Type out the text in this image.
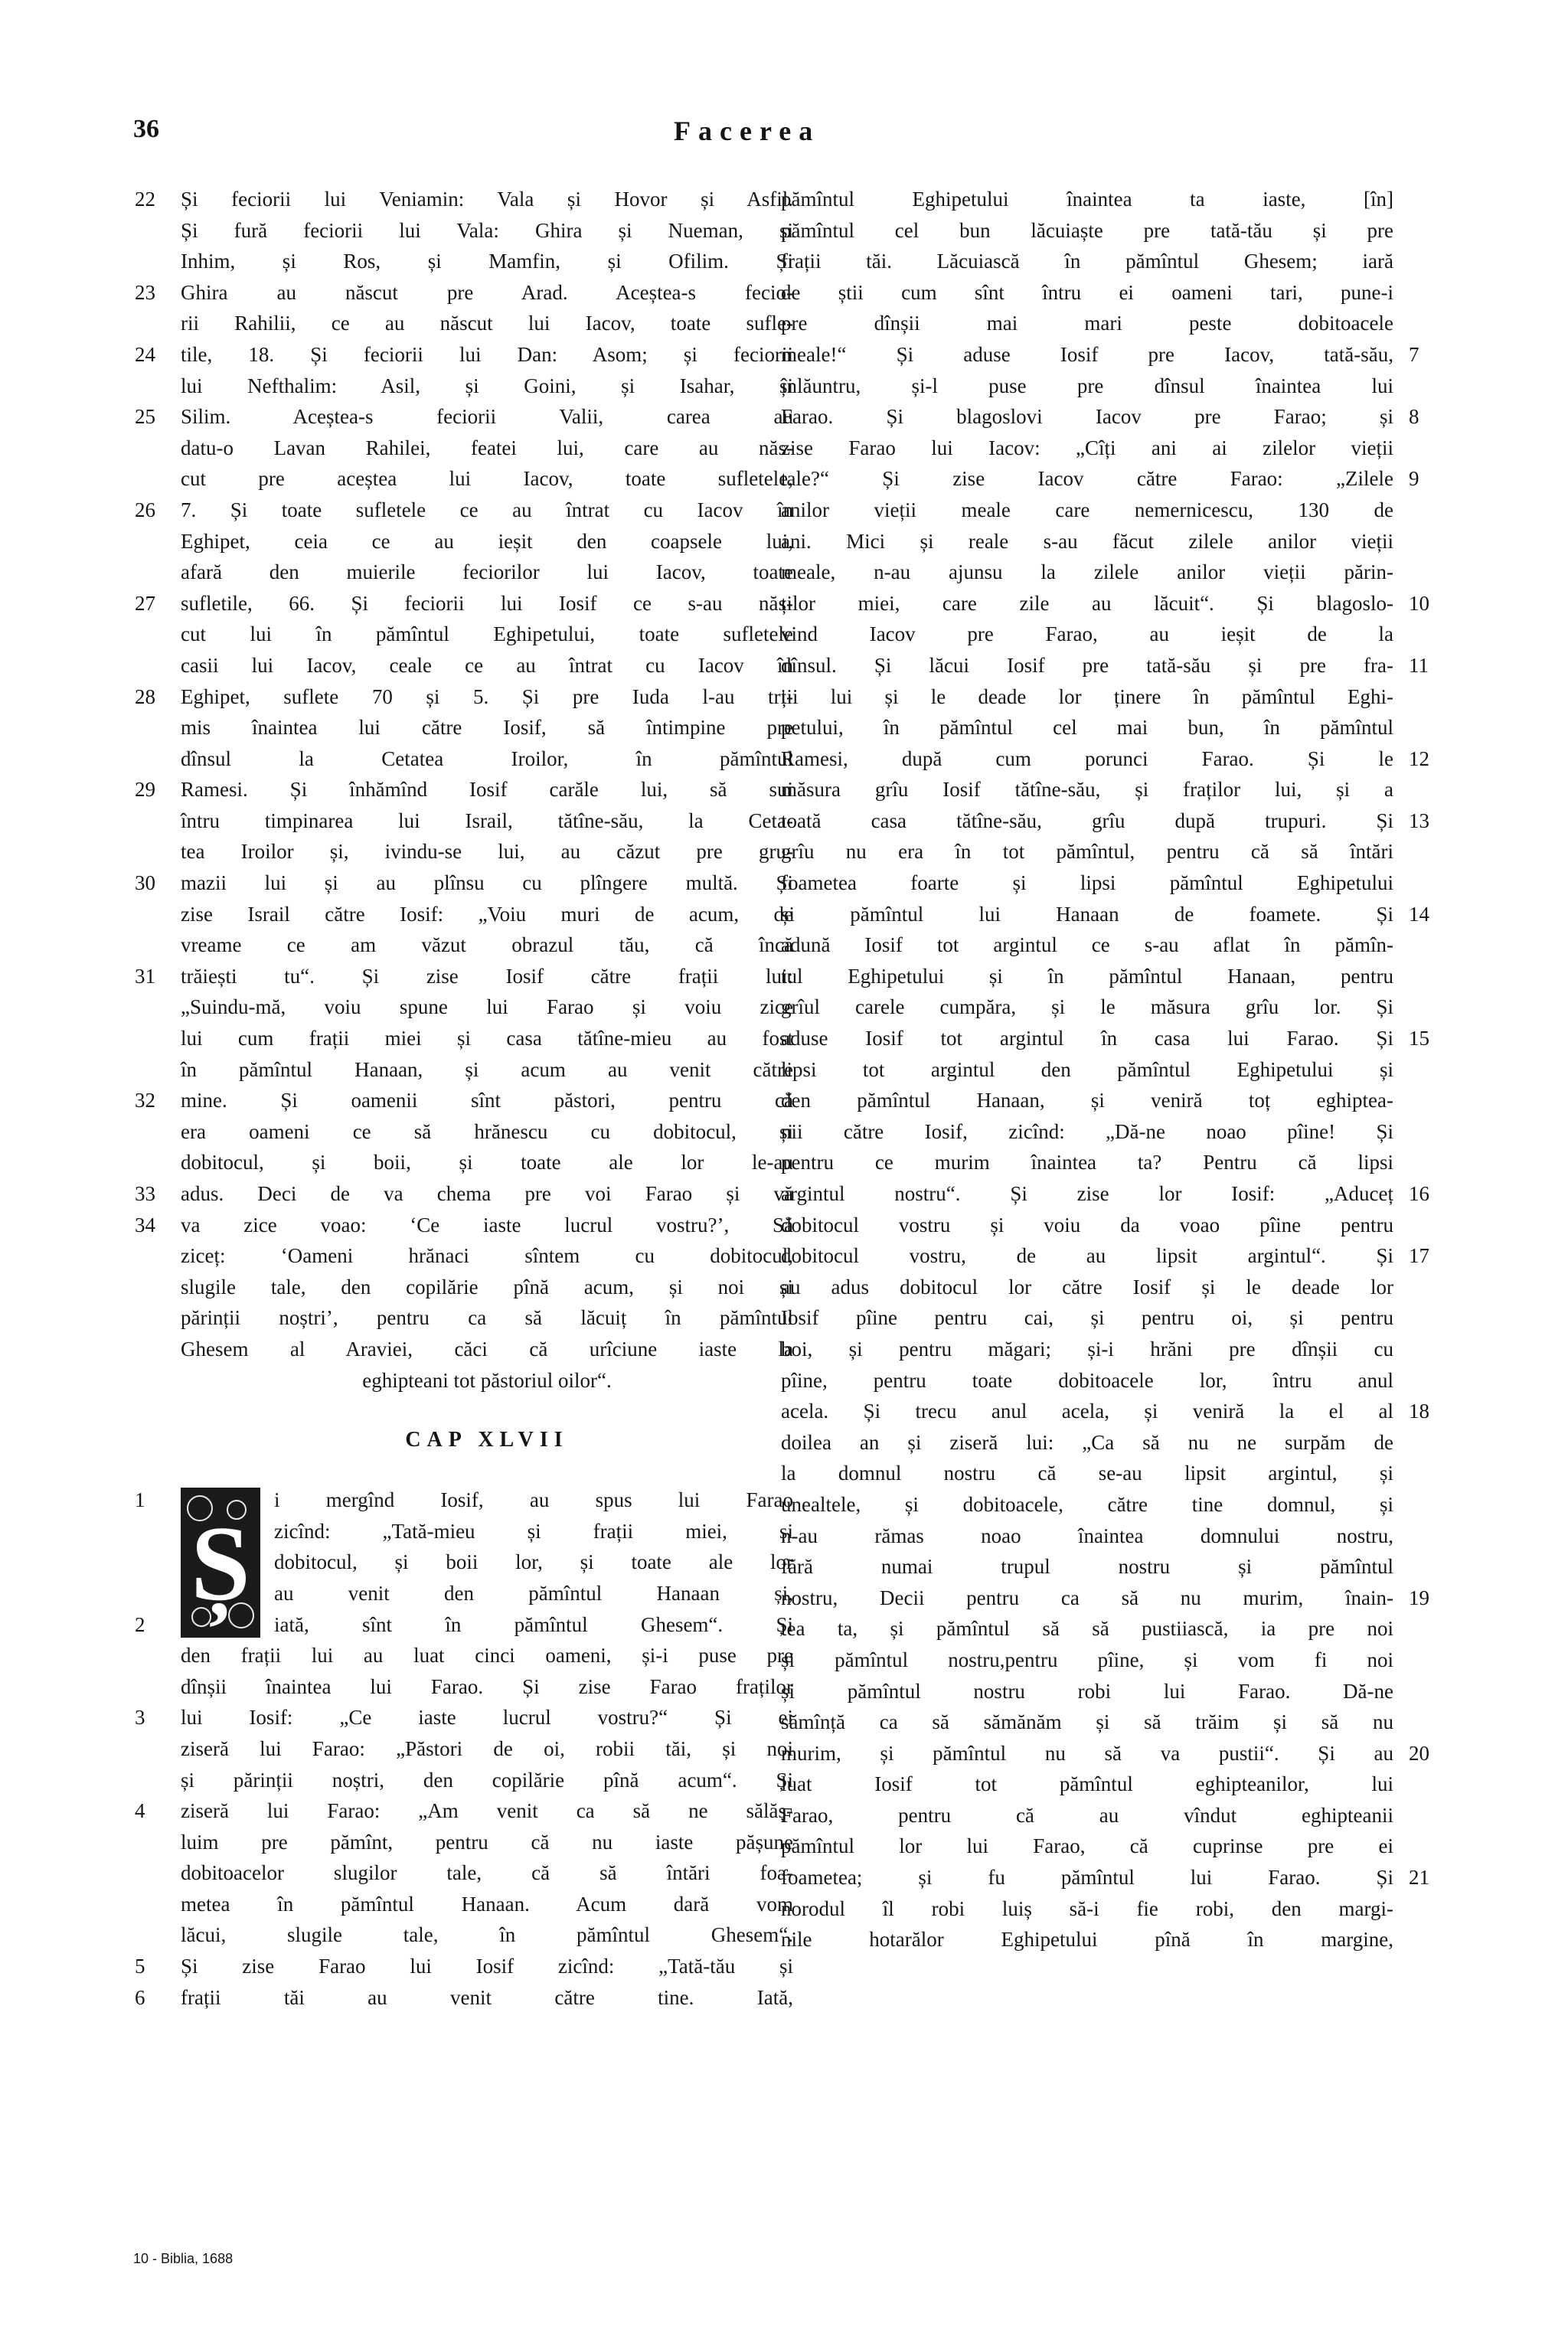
36	Facerea
22	Și feciorii lui Veniamin: Vala și Hovor și Asfil.
Și fură feciorii lui Vala: Ghira și Nueman, și
Inhim, și Ros, și Mamfin, și Ofilim. Și
23	Ghira au născut pre Arad. Aceștea-s fecio-
rii Rahilii, ce au născut lui Iacov, toate sufle-
24	tile, 18. Și feciorii lui Dan: Asom; și feciorii
lui Nefthalim: Asil, și Goini, și Isahar, și
25	Silim. Aceștea-s feciorii Valii, carea au
datu-o Lavan Rahilei, featei lui, care au năs-
cut pre aceștea lui Iacov, toate sufletele,
26	7. Și toate sufletele ce au întrat cu Iacov în
Eghipet, ceia ce au ieșit den coapsele lui,
afară den muierile feciorilor lui Iacov, toate
27	sufletile, 66. Și feciorii lui Iosif ce s-au năs-
cut lui în pămîntul Eghipetului, toate sufletele
casii lui Iacov, ceale ce au întrat cu Iacov în
28	Eghipet, suflete 70 și 5. Și pre Iuda l-au tri-
mis înaintea lui către Iosif, să întimpine pre
dînsul la Cetatea Iroilor, în pămîntul
29	Ramesi. Și înhămînd Iosif carăle lui, să sui
întru timpinarea lui Israil, tătîne-său, la Ceta-
tea Iroilor și, ivindu-se lui, au căzut pre gru-
30	mazii lui și au plînsu cu plîngere multă. Și
zise Israil către Iosif: „Voiu muri de acum, de
vreame ce am văzut obrazul tău, că încă
31	trăiești tu“. Și zise Iosif către frații lui:
„Suindu-mă, voiu spune lui Farao și voiu zice
lui cum frații miei și casa tătîne-mieu au fost
în pămîntul Hanaan, și acum au venit către
32	mine. Și oamenii sînt păstori, pentru că
era oameni ce să hrănescu cu dobitocul, și
dobitocul, și boii, și toate ale lor le-au
33	adus. Deci de va chema pre voi Farao și vă
34	va zice voao: ‘Ce iaste lucrul vostru?’, Să
ziceț: ‘Oameni hrănaci sîntem cu dobitocul,
slugile tale, den copilărie pînă acum, și noi și
părinții noștri’, pentru ca să lăcuiț în pămîntul
Ghesem al Araviei, căci că urîciune iaste la
eghipteani tot păstoriul oilor“.
CAP XLVII
Ș
1	i mergînd Iosif, au spus lui Farao
zicînd: „Tată-mieu și frații miei, și
dobitocul, și boii lor, și toate ale lor
au venit den pămîntul Hanaan și,
2	iată, sînt în pămîntul Ghesem“. Și
den frații lui au luat cinci oameni, și-i puse pre
dînșii înaintea lui Farao. Și zise Farao fraților
3	lui Iosif: „Ce iaste lucrul vostru?“ Și ei
ziseră lui Farao: „Păstori de oi, robii tăi, și noi
și părinții noștri, den copilărie pînă acum“. Și
4	ziseră lui Farao: „Am venit ca să ne sălăș-
luim pre pămînt, pentru că nu iaste pășune
dobitoacelor slugilor tale, că să întări foa-
metea în pămîntul Hanaan. Acum dară vom
lăcui, slugile tale, în pămîntul Ghesem“.
5	Și zise Farao lui Iosif zicînd: „Tată-tău și
6	frații tăi au venit către tine. Iată,
pămîntul Eghipetului înaintea ta iaste, [în]
pămîntul cel bun lăcuiaște pre tată-tău și pre
frații tăi. Lăcuiască în pămîntul Ghesem; iară
de știi cum sînt întru ei oameni tari, pune-i
pre dînșii mai mari peste dobitoacele
7
meale!“ Și aduse Iosif pre Iacov, tată-său,
înlăuntru, și-l puse pre dînsul înaintea lui
8
Farao. Și blagoslovi Iacov pre Farao; și
zise Farao lui Iacov: „Cîți ani ai zilelor vieții
9
tale?“ Și zise Iacov către Farao: „Zilele
anilor vieții meale care nemernicescu, 130 de
ani. Mici și reale s-au făcut zilele anilor vieții
meale, n-au ajunsu la zilele anilor vieții părin-
10
ților miei, care zile au lăcuit“. Și blagoslo-
vind Iacov pre Farao, au ieșit de la
11
dînsul. Și lăcui Iosif pre tată-său și pre fra-
ții lui și le deade lor ținere în pămîntul Eghi-
petului, în pămîntul cel mai bun, în pămîntul
12
Ramesi, după cum porunci Farao. Și le
măsura grîu Iosif tătîne-său, și fraților lui, și a
13
toată casa tătîne-său, grîu după trupuri. Și
grîu nu era în tot pămîntul, pentru că să întări
foametea foarte și lipsi pămîntul Eghipetului
14
și pămîntul lui Hanaan de foamete. Și
adună Iosif tot argintul ce s-au aflat în pămîn-
tul Eghipetului și în pămîntul Hanaan, pentru
grîul carele cumpăra, și le măsura grîu lor. Și
15
aduse Iosif tot argintul în casa lui Farao. Și
lipsi tot argintul den pămîntul Eghipetului și
den pămîntul Hanaan, și veniră toț eghiptea-
nii către Iosif, zicînd: „Dă-ne noao pîine! Și
pentru ce murim înaintea ta? Pentru că lipsi
16
argintul nostru“. Și zise lor Iosif: „Aduceț
dobitocul vostru și voiu da voao pîine pentru
17
dobitocul vostru, de au lipsit argintul“. Și
au adus dobitocul lor către Iosif și le deade lor
Iosif pîine pentru cai, și pentru oi, și pentru
boi, și pentru măgari; și-i hrăni pre dînșii cu
pîine, pentru toate dobitoacele lor, întru anul
18
acela. Și trecu anul acela, și veniră la el al
doilea an și ziseră lui: „Ca să nu ne surpăm de
la domnul nostru că se-au lipsit argintul, și
unealtele, și dobitoacele, către tine domnul, și
n-au rămas noao înaintea domnului nostru,
fără numai trupul nostru și pămîntul
19
nostru, Decii pentru ca să nu murim, înain-
tea ta, și pămîntul să să pustiiască, ia pre noi
și pămîntul nostru,pentru pîine, și vom fi noi
și pămîntul nostru robi lui Farao. Dă-ne
sămînță ca să sămănăm și să trăim și să nu
20
murim, și pămîntul nu să va pustii“. Și au
luat Iosif tot pămîntul eghipteanilor, lui
Farao, pentru că au vîndut eghipteanii
pămîntul lor lui Farao, că cuprinse pre ei
21
foametea; și fu pămîntul lui Farao. Și
norodul îl robi luiș să-i fie robi, den margi-
nile hotarălor Eghipetului pînă în margine,
10 - Biblia, 1688
